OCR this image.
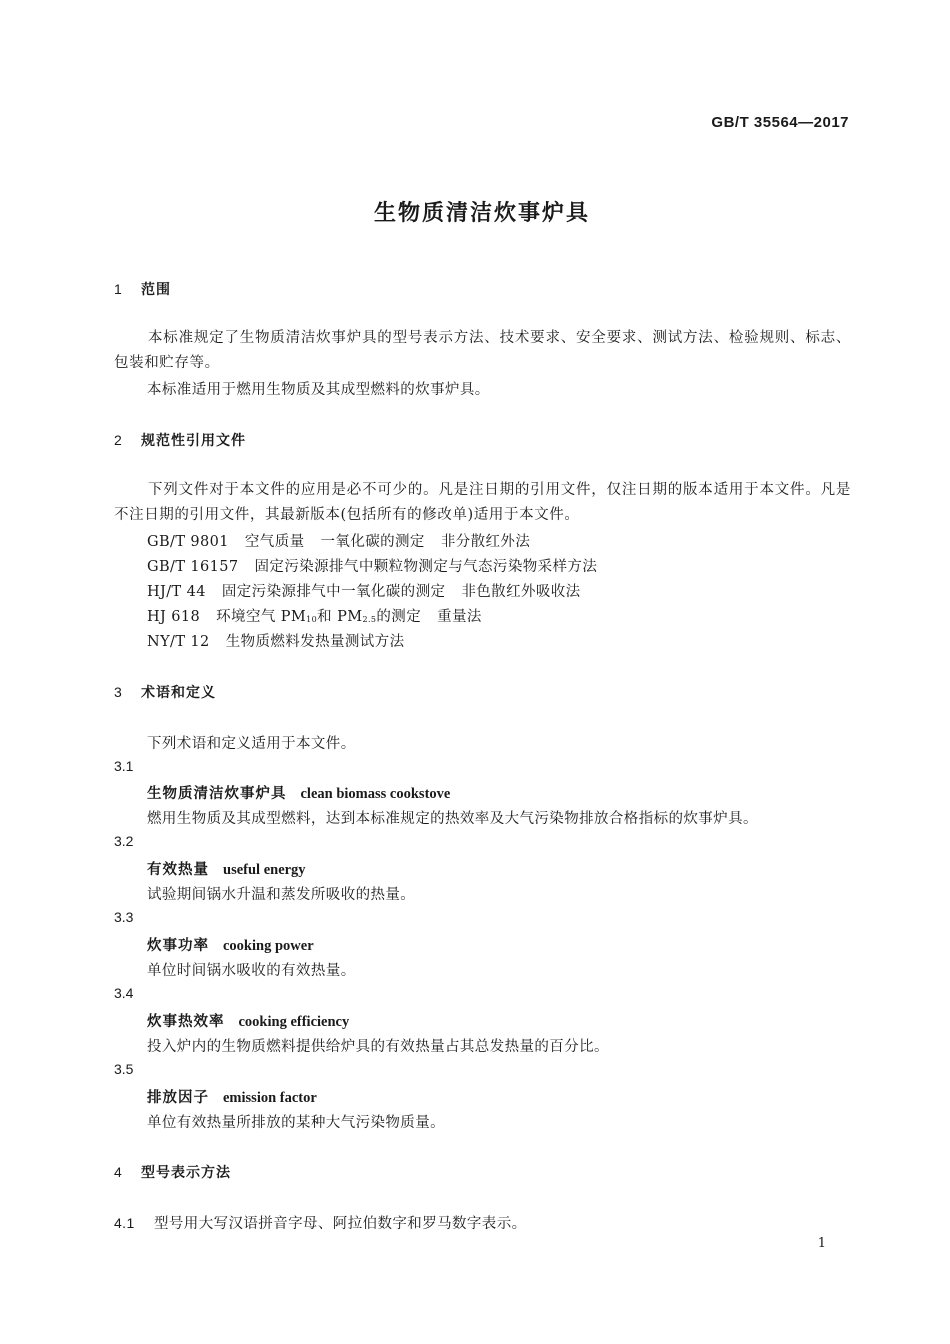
GB/T 35564—2017
生物质清洁炊事炉具
1 范围
本标准规定了生物质清洁炊事炉具的型号表示方法、技术要求、安全要求、测试方法、检验规则、标志、包装和贮存等。
本标准适用于燃用生物质及其成型燃料的炊事炉具。
2 规范性引用文件
下列文件对于本文件的应用是必不可少的。凡是注日期的引用文件，仅注日期的版本适用于本文件。凡是不注日期的引用文件，其最新版本(包括所有的修改单)适用于本文件。
GB/T 9801 空气质量 一氧化碳的测定 非分散红外法
GB/T 16157 固定污染源排气中颗粒物测定与气态污染物采样方法
HJ/T 44 固定污染源排气中一氧化碳的测定 非色散红外吸收法
HJ 618 环境空气 $PM_{10}$和 $PM_{2.5}$的测定 重量法
NY/T 12 生物质燃料发热量测试方法
3 术语和定义
下列术语和定义适用于本文件。
3.1
生物质清洁炊事炉具 clean biomass cookstove
燃用生物质及其成型燃料，达到本标准规定的热效率及大气污染物排放合格指标的炊事炉具。
3.2
有效热量 useful energy
试验期间锅水升温和蒸发所吸收的热量。
3.3
炊事功率 cooking power
单位时间锅水吸收的有效热量。
3.4
炊事热效率 cooking efficiency
投入炉内的生物质燃料提供给炉具的有效热量占其总发热量的百分比。
3.5
排放因子 emission factor
单位有效热量所排放的某种大气污染物质量。
4 型号表示方法
4.1 型号用大写汉语拼音字母、阿拉伯数字和罗马数字表示。
1
